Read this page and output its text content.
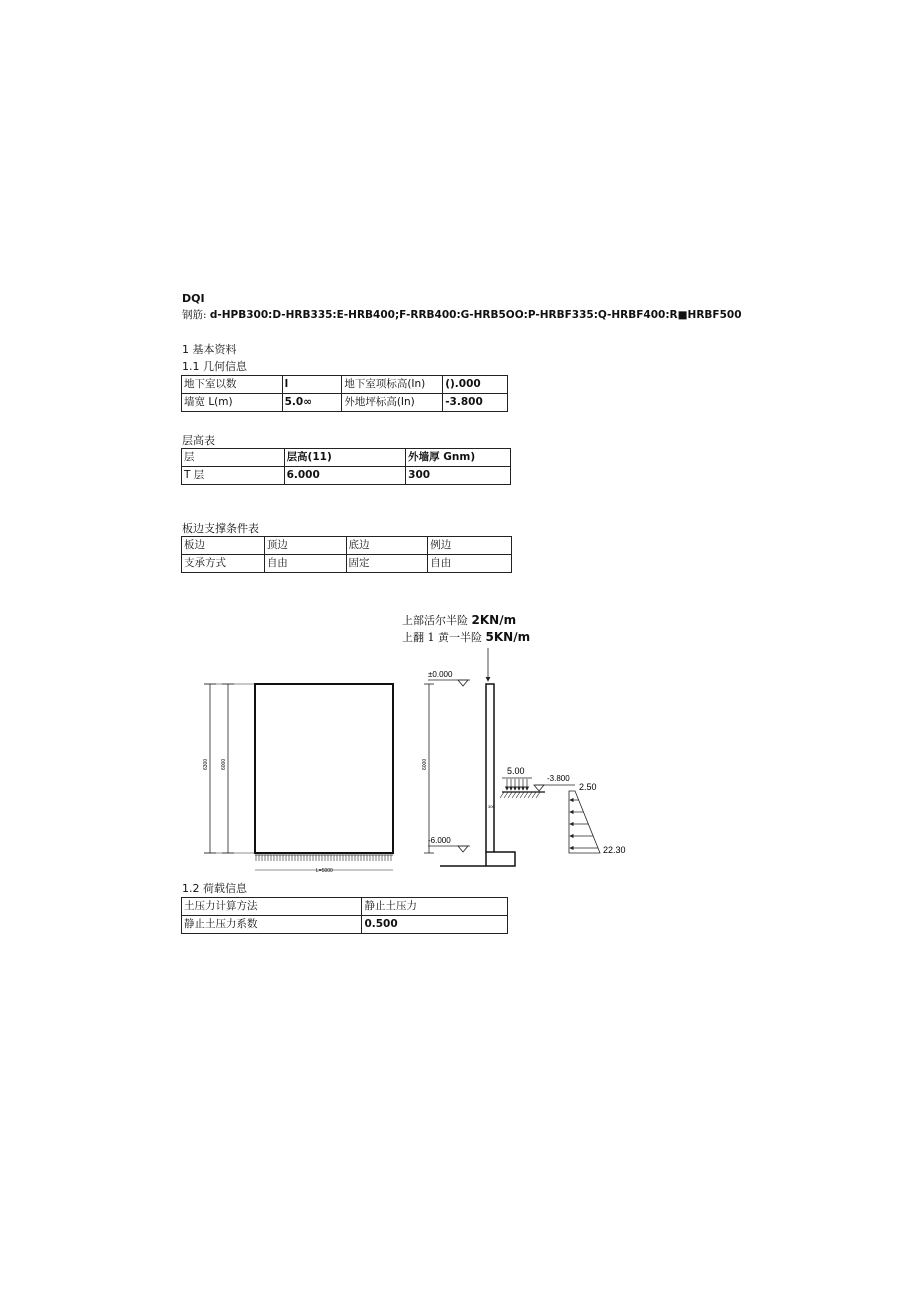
DQI
钢筋: d-HPB300:D-HRB335:E-HRB400;F-RRB400:G-HRB5OO:P-HRBF335:Q-HRBF400:R■HRBF500
1 基本资料
1.1 几何信息
地下室以数	l	地下室项标高(In)	().000
墙宽 L(m)	5.0∞	外地坪标高(In)	-3.800
层高表
层	层高(11)	外墙厚 Gnm)
T 层	6.000	300
板边支撑条件表
板边	顶边	底边	例边
支承方式	自由	固定	自由
上部活尔半险 2KN∕m
上翻 1 黄一半险 5KN∕m
6300 6000
L=5000
6000
±0.000
300
-6.000
5.00
-3.800
2.50
22.30
1.2 荷载信息
土压力计算方法	静止土压力
静止土压力系数	0.500
